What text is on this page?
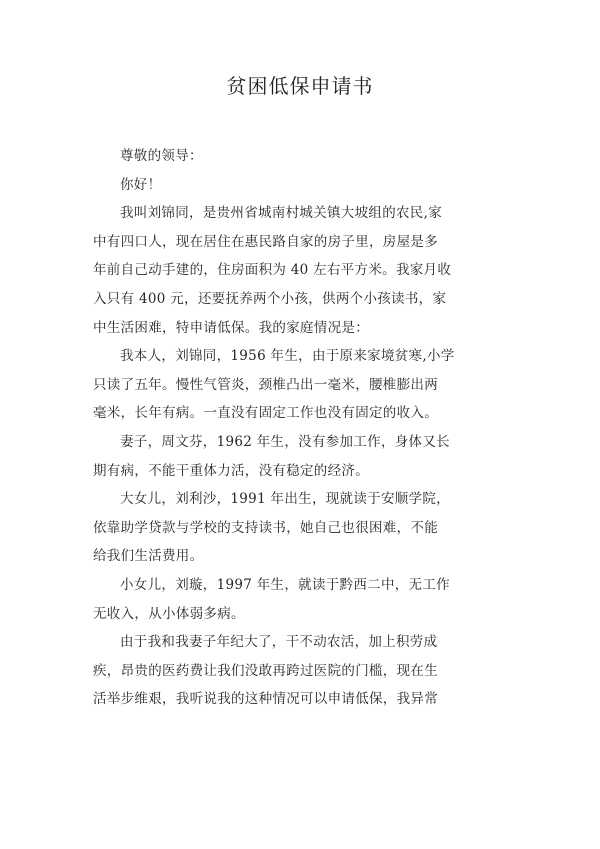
贫困低保申请书
尊敬的领导：
你好！
我叫刘锦同，是贵州省城南村城关镇大坡组的农民,家
中有四口人，现在居住在惠民路自家的房子里，房屋是多
年前自己动手建的，住房面积为 40 左右平方米。我家月收
入只有 400 元，还要抚养两个小孩，供两个小孩读书，家
中生活困难，特申请低保。我的家庭情况是：
我本人，刘锦同，1956 年生，由于原来家境贫寒,小学
只读了五年。慢性气管炎，颈椎凸出一毫米，腰椎膨出两
毫米，长年有病。一直没有固定工作也没有固定的收入。
妻子，周文芬，1962 年生，没有参加工作，身体又长
期有病，不能干重体力活，没有稳定的经济。
大女儿，刘利沙，1991 年出生，现就读于安顺学院，
依靠助学贷款与学校的支持读书，她自己也很困难，不能
给我们生活费用。
小女儿，刘璇，1997 年生，就读于黔西二中，无工作
无收入，从小体弱多病。
由于我和我妻子年纪大了，干不动农活，加上积劳成
疾，昂贵的医药费让我们没敢再跨过医院的门槛，现在生
活举步维艰，我听说我的这种情况可以申请低保，我异常
